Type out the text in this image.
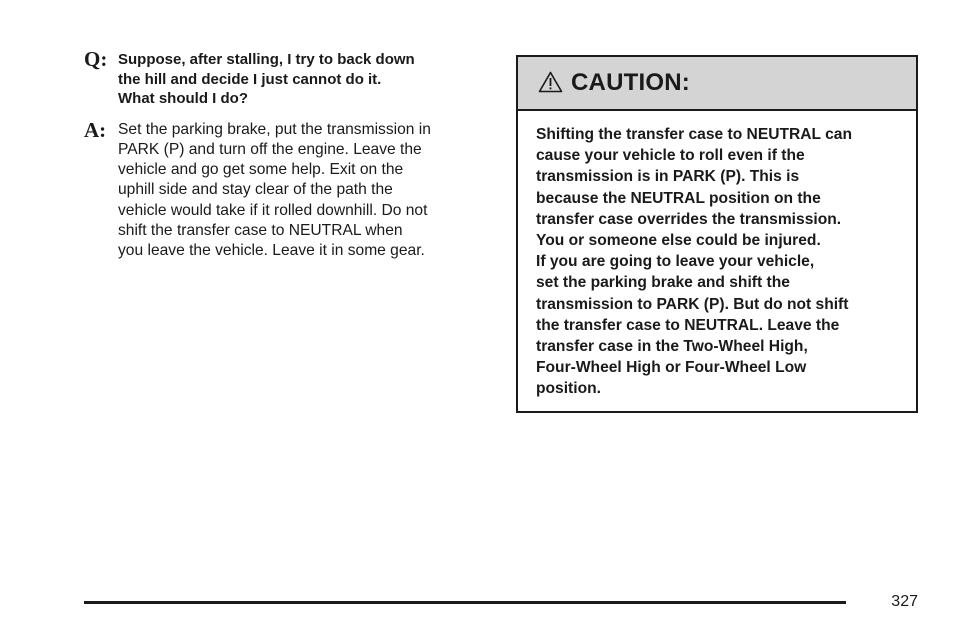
Q: Suppose, after stalling, I try to back down
the hill and decide I just cannot do it.
What should I do?
A: Set the parking brake, put the transmission in
PARK (P) and turn off the engine. Leave the
vehicle and go get some help. Exit on the
uphill side and stay clear of the path the
vehicle would take if it rolled downhill. Do not
shift the transfer case to NEUTRAL when
you leave the vehicle. Leave it in some gear.
CAUTION:
Shifting the transfer case to NEUTRAL can
cause your vehicle to roll even if the
transmission is in PARK (P). This is
because the NEUTRAL position on the
transfer case overrides the transmission.
You or someone else could be injured.
If you are going to leave your vehicle,
set the parking brake and shift the
transmission to PARK (P). But do not shift
the transfer case to NEUTRAL. Leave the
transfer case in the Two-Wheel High,
Four-Wheel High or Four-Wheel Low
position.
327
